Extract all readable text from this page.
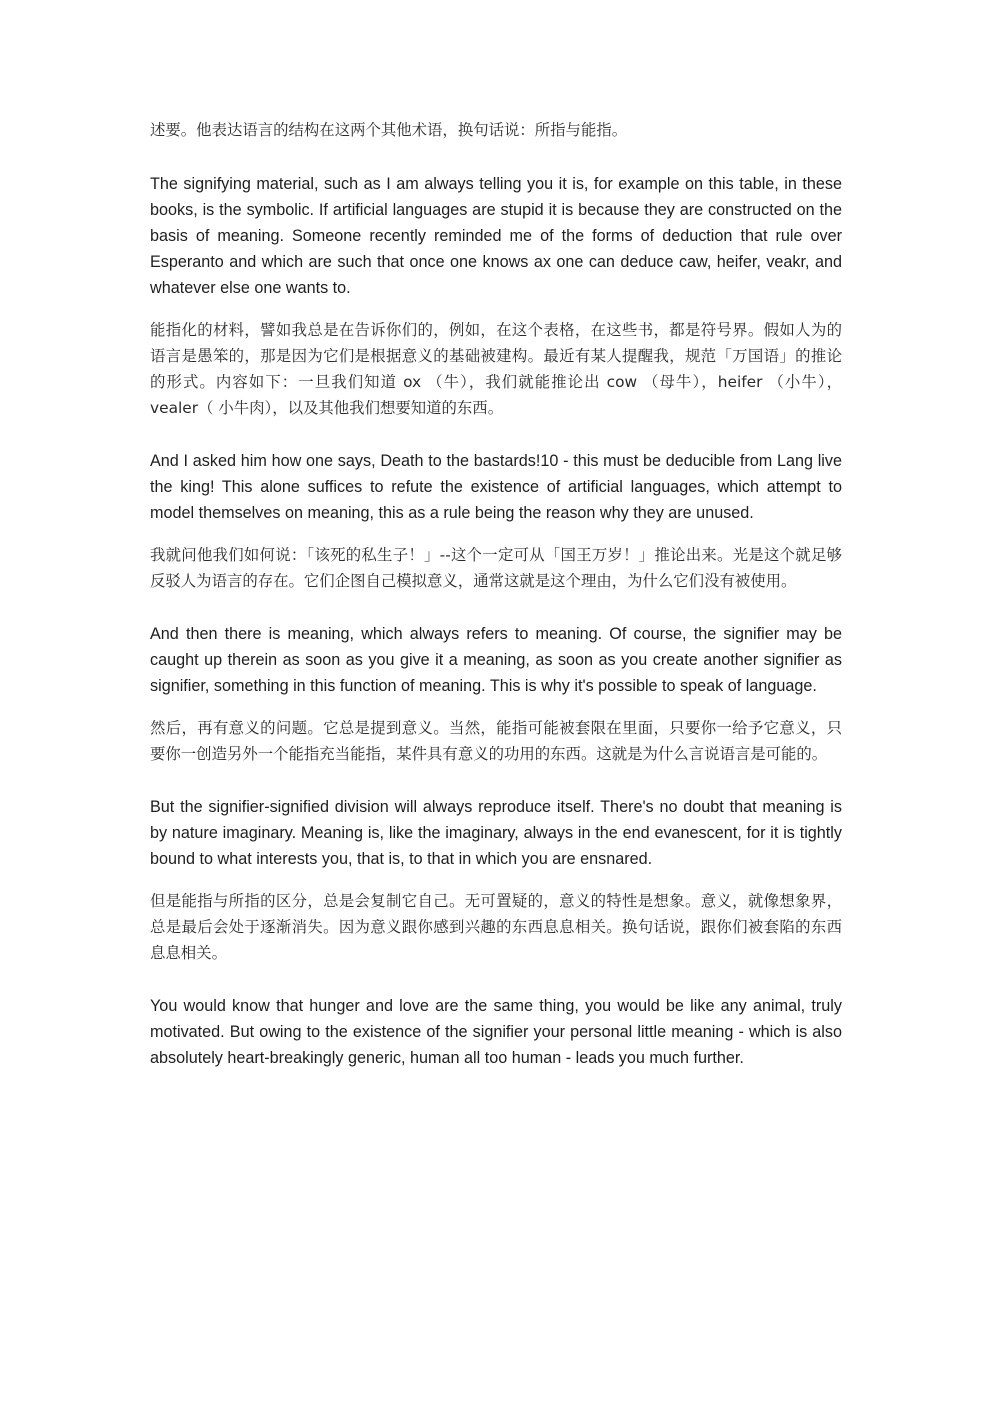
述要。他表达语言的结构在这两个其他术语，换句话说：所指与能指。

The signifying material, such as I am always telling you it is, for example on this table, in these books, is the symbolic. If artificial languages are stupid it is because they are constructed on the basis of meaning. Someone recently reminded me of the forms of deduction that rule over Esperanto and which are such that once one knows ax one can deduce caw, heifer, veakr, and whatever else one wants to.

能指化的材料，譬如我总是在告诉你们的，例如，在这个表格，在这些书，都是符号界。假如人为的语言是愚笨的，那是因为它们是根据意义的基础被建构。最近有某人提醒我，规范「万国语」的推论的形式。内容如下：一旦我们知道 ox （牛），我们就能推论出 cow （母牛），heifer （小牛），vealer（ 小牛肉），以及其他我们想要知道的东西。

And I asked him how one says, Death to the bastards!10 - this must be deducible from Lang live the king! This alone suffices to refute the existence of artificial languages, which attempt to model themselves on meaning, this as a rule being the reason why they are unused.

我就问他我们如何说：「该死的私生子！」--这个一定可从「国王万岁！」推论出来。光是这个就足够反驳人为语言的存在。它们企图自己模拟意义，通常这就是这个理由，为什么它们没有被使用。

And then there is meaning, which always refers to meaning. Of course, the signifier may be caught up therein as soon as you give it a meaning, as soon as you create another signifier as signifier, something in this function of meaning. This is why it's possible to speak of language.

然后，再有意义的问题。它总是提到意义。当然，能指可能被套限在里面，只要你一给予它意义，只要你一创造另外一个能指充当能指，某件具有意义的功用的东西。这就是为什么言说语言是可能的。

But the signifier-signified division will always reproduce itself. There's no doubt that meaning is by nature imaginary. Meaning is, like the imaginary, always in the end evanescent, for it is tightly bound to what interests you, that is, to that in which you are ensnared.

但是能指与所指的区分，总是会复制它自己。无可置疑的，意义的特性是想象。意义，就像想象界，总是最后会处于逐渐消失。因为意义跟你感到兴趣的东西息息相关。换句话说，跟你们被套陷的东西息息相关。

You would know that hunger and love are the same thing, you would be like any animal, truly motivated. But owing to the existence of the signifier your personal little meaning - which is also absolutely heart-breakingly generic, human all too human - leads you much further.
